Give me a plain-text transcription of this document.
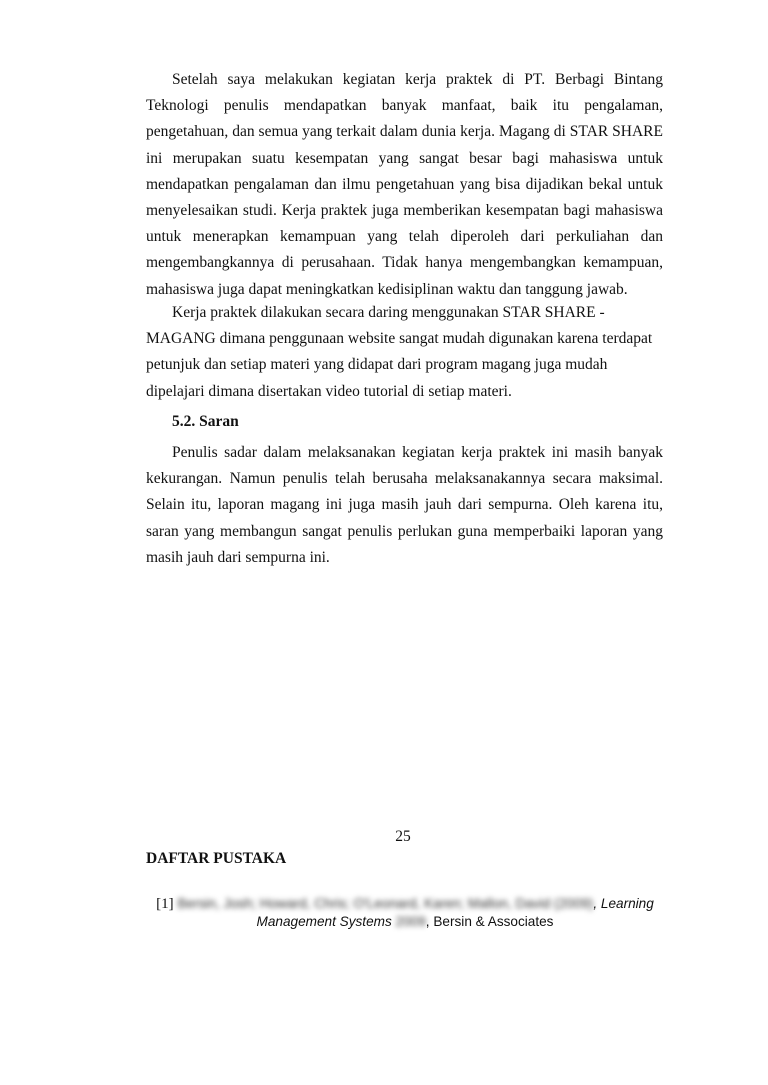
Setelah saya melakukan kegiatan kerja praktek di PT. Berbagi Bintang Teknologi penulis mendapatkan banyak manfaat, baik itu pengalaman, pengetahuan, dan semua yang terkait dalam dunia kerja. Magang di STAR SHARE ini merupakan suatu kesempatan yang sangat besar bagi mahasiswa untuk mendapatkan pengalaman dan ilmu pengetahuan yang bisa dijadikan bekal untuk menyelesaikan studi. Kerja praktek juga memberikan kesempatan bagi mahasiswa untuk menerapkan kemampuan yang telah diperoleh dari perkuliahan dan mengembangkannya di perusahaan. Tidak hanya mengembangkan kemampuan, mahasiswa juga dapat meningkatkan kedisiplinan waktu dan tanggung jawab.

Kerja praktek dilakukan secara daring menggunakan STAR SHARE -
MAGANG dimana penggunaan website sangat mudah digunakan karena terdapat
petunjuk dan setiap materi yang didapat dari program magang juga mudah
dipelajari dimana disertakan video tutorial di setiap materi.
5.2. Saran

Penulis sadar dalam melaksanakan kegiatan kerja praktek ini masih banyak kekurangan. Namun penulis telah berusaha melaksanakannya secara maksimal. Selain itu, laporan magang ini juga masih jauh dari sempurna. Oleh karena itu, saran yang membangun sangat penulis perlukan guna memperbaiki laporan yang masih jauh dari sempurna ini.

25
DAFTAR PUSTAKA
[1] Bersin, Josh; Howard, Chris; O'Leonard, Karen; Mallon, David (2009), Learning
Management Systems 2009, Bersin & Associates
